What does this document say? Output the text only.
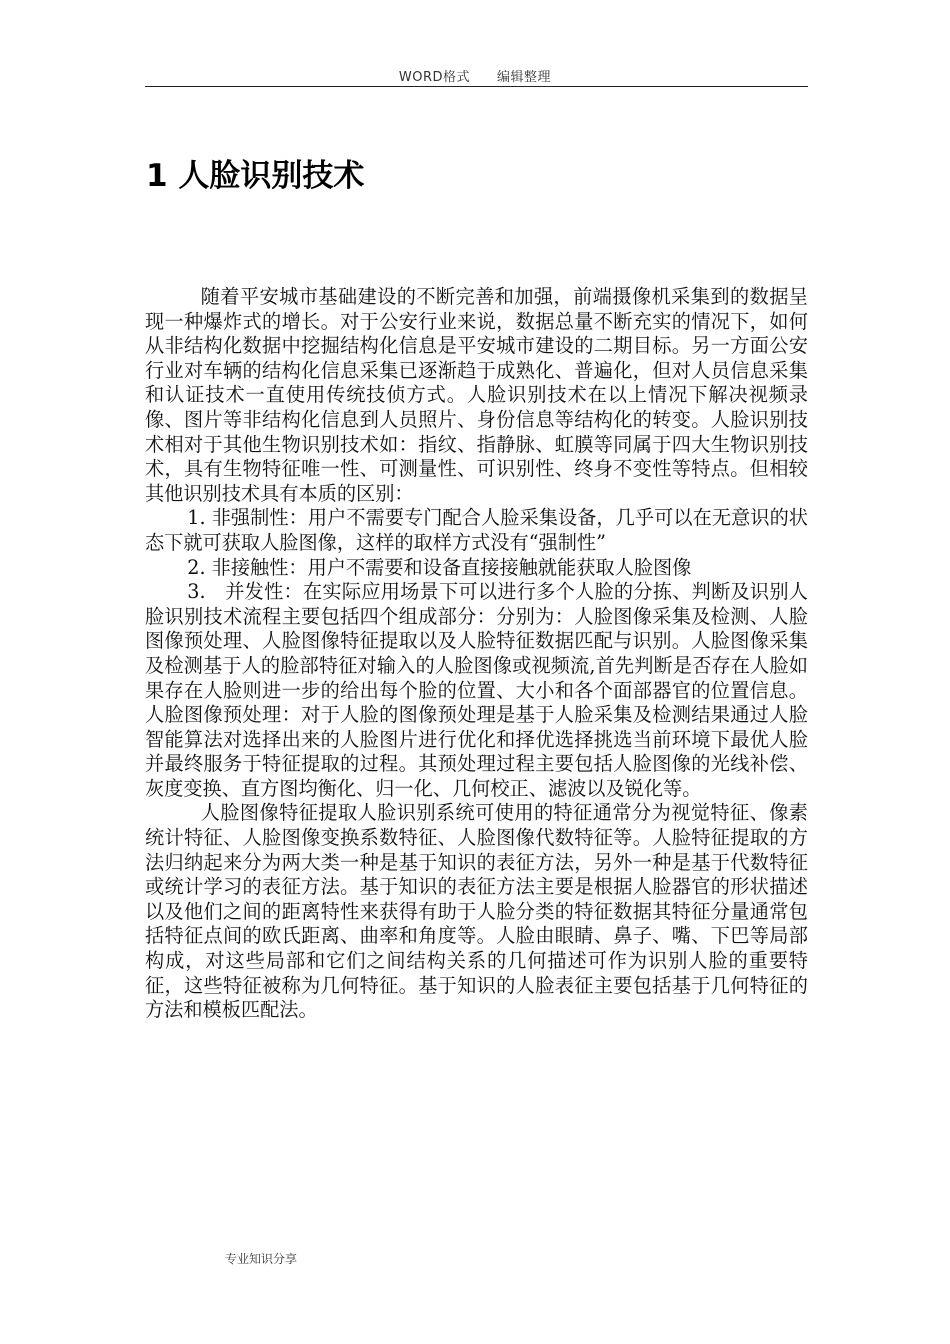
WORD格式　　编辑整理
1 人脸识别技术

随着平安城市基础建设的不断完善和加强，前端摄像机采集到的数据呈现一种爆炸式的增长。对于公安行业来说，数据总量不断充实的情况下，如何从非结构化数据中挖掘结构化信息是平安城市建设的二期目标。另一方面公安行业对车辆的结构化信息采集已逐渐趋于成熟化、普遍化，但对人员信息采集和认证技术一直使用传统技侦方式。人脸识别技术在以上情况下解决视频录像、图片等非结构化信息到人员照片、身份信息等结构化的转变。人脸识别技术相对于其他生物识别技术如：指纹、指静脉、虹膜等同属于四大生物识别技术，具有生物特征唯一性、可测量性、可识别性、终身不变性等特点。但相较其他识别技术具有本质的区别：

1. 非强制性：用户不需要专门配合人脸采集设备，几乎可以在无意识的状态下就可获取人脸图像，这样的取样方式没有“强制性”

2. 非接触性：用户不需要和设备直接接触就能获取人脸图像

3.　并发性：在实际应用场景下可以进行多个人脸的分拣、判断及识别人脸识别技术流程主要包括四个组成部分：分别为：人脸图像采集及检测、人脸图像预处理、人脸图像特征提取以及人脸特征数据匹配与识别。人脸图像采集及检测基于人的脸部特征对输入的人脸图像或视频流,首先判断是否存在人脸如果存在人脸则进一步的给出每个脸的位置、大小和各个面部器官的位置信息。人脸图像预处理：对于人脸的图像预处理是基于人脸采集及检测结果通过人脸智能算法对选择出来的人脸图片进行优化和择优选择挑选当前环境下最优人脸并最终服务于特征提取的过程。其预处理过程主要包括人脸图像的光线补偿、灰度变换、直方图均衡化、归一化、几何校正、滤波以及锐化等。

人脸图像特征提取人脸识别系统可使用的特征通常分为视觉特征、像素统计特征、人脸图像变换系数特征、人脸图像代数特征等。人脸特征提取的方法归纳起来分为两大类一种是基于知识的表征方法，另外一种是基于代数特征或统计学习的表征方法。基于知识的表征方法主要是根据人脸器官的形状描述以及他们之间的距离特性来获得有助于人脸分类的特征数据其特征分量通常包括特征点间的欧氏距离、曲率和角度等。人脸由眼睛、鼻子、嘴、下巴等局部构成，对这些局部和它们之间结构关系的几何描述可作为识别人脸的重要特征，这些特征被称为几何特征。基于知识的人脸表征主要包括基于几何特征的方法和模板匹配法。

专业知识分享
